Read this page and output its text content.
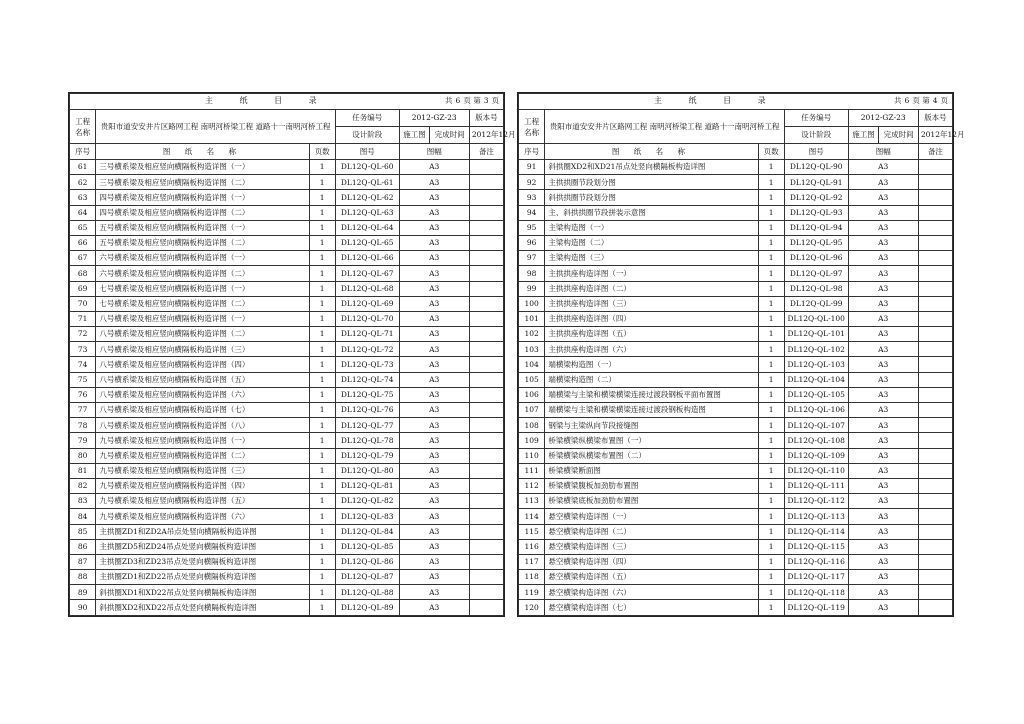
主 纸 目 录 共 6 页 第 3 页						

工程名称	贵阳市道安安井片区路网工程 南明河桥梁工程 道路十一南明河桥工程		任务编号	2012-GZ-23		版本号
			设计阶段	施工图	完成时间	2012年12月
序号	图 纸 名 称	页数	图号	图幅		备注
61	三号横系梁及相应竖向横隔板构造详图（一）	1	DL12Q-QL-60	A3		
62	三号横系梁及相应竖向横隔板构造详图（二）	1	DL12Q-QL-61	A3		
63	四号横系梁及相应竖向横隔板构造详图（一）	1	DL12Q-QL-62	A3		
64	四号横系梁及相应竖向横隔板构造详图（二）	1	DL12Q-QL-63	A3		
65	五号横系梁及相应竖向横隔板构造详图（一）	1	DL12Q-QL-64	A3		
66	五号横系梁及相应竖向横隔板构造详图（二）	1	DL12Q-QL-65	A3		
67	六号横系梁及相应竖向横隔板构造详图（一）	1	DL12Q-QL-66	A3		
68	六号横系梁及相应竖向横隔板构造详图（二）	1	DL12Q-QL-67	A3		
69	七号横系梁及相应竖向横隔板构造详图（一）	1	DL12Q-QL-68	A3		
70	七号横系梁及相应竖向横隔板构造详图（二）	1	DL12Q-QL-69	A3		
71	八号横系梁及相应竖向横隔板构造详图（一）	1	DL12Q-QL-70	A3		
72	八号横系梁及相应竖向横隔板构造详图（二）	1	DL12Q-QL-71	A3		
73	八号横系梁及相应竖向横隔板构造详图（三）	1	DL12Q-QL-72	A3		
74	八号横系梁及相应竖向横隔板构造详图（四）	1	DL12Q-QL-73	A3		
75	八号横系梁及相应竖向横隔板构造详图（五）	1	DL12Q-QL-74	A3		
76	八号横系梁及相应竖向横隔板构造详图（六）	1	DL12Q-QL-75	A3		
77	八号横系梁及相应竖向横隔板构造详图（七）	1	DL12Q-QL-76	A3		
78	八号横系梁及相应竖向横隔板构造详图（八）	1	DL12Q-QL-77	A3		
79	九号横系梁及相应竖向横隔板构造详图（一）	1	DL12Q-QL-78	A3		
80	九号横系梁及相应竖向横隔板构造详图（二）	1	DL12Q-QL-79	A3		
81	九号横系梁及相应竖向横隔板构造详图（三）	1	DL12Q-QL-80	A3		
82	九号横系梁及相应竖向横隔板构造详图（四）	1	DL12Q-QL-81	A3		
83	九号横系梁及相应竖向横隔板构造详图（五）	1	DL12Q-QL-82	A3		
84	九号横系梁及相应竖向横隔板构造详图（六）	1	DL12Q-QL-83	A3		
85	主拱圈ZD1和ZD2A吊点处竖向横隔板构造详图	1	DL12Q-QL-84	A3		
86	主拱圈ZD5和ZD24吊点处竖向横隔板构造详图	1	DL12Q-QL-85	A3		
87	主拱圈ZD3和ZD23吊点处竖向横隔板构造详图	1	DL12Q-QL-86	A3		
88	主拱圈ZD1和ZD22吊点处竖向横隔板构造详图	1	DL12Q-QL-87	A3		
89	斜拱圈XD1和XD22吊点处竖向横隔板构造详图	1	DL12Q-QL-88	A3		
90	斜拱圈XD2和XD22吊点处竖向横隔板构造详图	1	DL12Q-QL-89	A3		
主 纸 目 录 共 6 页 第 4 页						

工程名称	贵阳市道安安井片区路网工程 南明河桥梁工程 道路十一南明河桥工程		任务编号	2012-GZ-23		版本号
			设计阶段	施工图	完成时间	2012年12月
序号	图 纸 名 称	页数	图号	图幅		备注
91	斜拱圈XD2和XD21吊点处竖向横隔板构造详图	1	DL12Q-QL-90	A3		
92	主拱拱圈节段划分图	1	DL12Q-QL-91	A3		
93	斜拱拱圈节段划分图	1	DL12Q-QL-92	A3		
94	主、斜拱拱圈节段拼装示意图	1	DL12Q-QL-93	A3		
95	主梁构造图（一）	1	DL12Q-QL-94	A3		
96	主梁构造图（二）	1	DL12Q-QL-95	A3		
97	主梁构造图（三）	1	DL12Q-QL-96	A3		
98	主拱拱座构造详图（一）	1	DL12Q-QL-97	A3		
99	主拱拱座构造详图（二）	1	DL12Q-QL-98	A3		
100	主拱拱座构造详图（三）	1	DL12Q-QL-99	A3		
101	主拱拱座构造详图（四）	1	DL12Q-QL-100	A3		
102	主拱拱座构造详图（五）	1	DL12Q-QL-101	A3		
103	主拱拱座构造详图（六）	1	DL12Q-QL-102	A3		
104	端横梁构造图（一）	1	DL12Q-QL-103	A3		
105	端横梁构造图（二）	1	DL12Q-QL-104	A3		
106	端横梁与主梁和横梁横梁连接过渡段钢板平面布置图	1	DL12Q-QL-105	A3		
107	端横梁与主梁和横梁横梁连接过渡段钢板构造图	1	DL12Q-QL-106	A3		
108	钢梁与主梁纵向节段接缝图	1	DL12Q-QL-107	A3		
109	桥梁横梁纵横梁布置图（一）	1	DL12Q-QL-108	A3		
110	桥梁横梁纵横梁布置图（二）	1	DL12Q-QL-109	A3		
111	桥梁横梁断面图	1	DL12Q-QL-110	A3		
112	桥梁横梁腹板加劲肋布置图	1	DL12Q-QL-111	A3		
113	桥梁横梁底板加劲肋布置图	1	DL12Q-QL-112	A3		
114	悬空横梁构造详图（一）	1	DL12Q-QL-113	A3		
115	悬空横梁构造详图（二）	1	DL12Q-QL-114	A3		
116	悬空横梁构造详图（三）	1	DL12Q-QL-115	A3		
117	悬空横梁构造详图（四）	1	DL12Q-QL-116	A3		
118	悬空横梁构造详图（五）	1	DL12Q-QL-117	A3		
119	悬空横梁构造详图（六）	1	DL12Q-QL-118	A3		
120	悬空横梁构造详图（七）	1	DL12Q-QL-119	A3		
